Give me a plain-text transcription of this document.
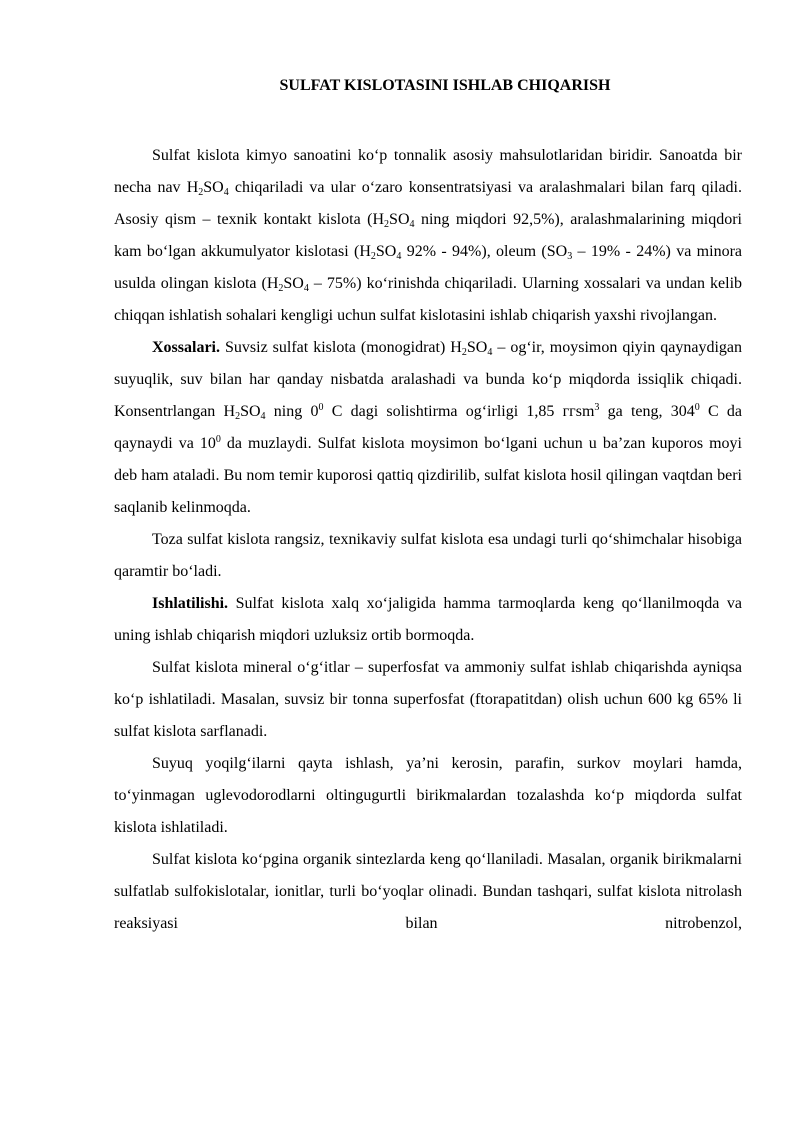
SULFAT KISLOTASINI ISHLAB CHIQARISH

Sulfat kislota kimyo sanoatini ko‘p tonnalik asosiy mahsulotlaridan biridir. Sanoatda bir necha nav $H_2SO_4$ chiqariladi va ular o‘zaro konsentratsiyasi va aralashmalari bilan farq qiladi. Asosiy qism – texnik kontakt kislota ($H_2SO_4$ ning miqdori 92,5%), aralashmalarining miqdori kam bo‘lgan akkumulyator kislotasi ($H_2SO_4$ 92% - 94%), oleum $(SO_3 - 19\% - 24\%)$ va minora usulda olingan kislota $(H_2SO_4 - 75\%)$ ko‘rinishda chiqariladi. Ularning xossalari va undan kelib chiqqan ishlatish sohalari kengligi uchun sulfat kislotasini ishlab chiqarish yaxshi rivojlangan.

Xossalari. Suvsiz sulfat kislota (monogidrat) $H_2SO_4$ – og‘ir, moysimon qiyin qaynaydigan suyuqlik, suv bilan har qanday nisbatda aralashadi va bunda ko‘p miqdorda issiqlik chiqadi. Konsentrlangan $H_2SO_4$ ning $0^0$ C dagi solishtirma og‘irligi 1,85 ггsm$^3$ ga teng, $304^0$ C da qaynaydi va $10^0$ da muzlaydi. Sulfat kislota moysimon bo‘lgani uchun u ba’zan kuporos moyi deb ham ataladi. Bu nom temir kuporosi qattiq qizdirilib, sulfat kislota hosil qilingan vaqtdan beri saqlanib kelinmoqda.

Toza sulfat kislota rangsiz, texnikaviy sulfat kislota esa undagi turli qo‘shimchalar hisobiga qaramtir bo‘ladi.

Ishlatilishi. Sulfat kislota xalq xo‘jaligida hamma tarmoqlarda keng qo‘llanilmoqda va uning ishlab chiqarish miqdori uzluksiz ortib bormoqda.

Sulfat kislota mineral o‘g‘itlar – superfosfat va ammoniy sulfat ishlab chiqarishda ayniqsa ko‘p ishlatiladi. Masalan, suvsiz bir tonna superfosfat (ftorapatitdan) olish uchun 600 kg 65% li sulfat kislota sarflanadi.

Suyuq yoqilg‘ilarni qayta ishlash, ya’ni kerosin, parafin, surkov moylari hamda, to‘yinmagan uglevodorodlarni oltingugurtli birikmalardan tozalashda ko‘p miqdorda sulfat kislota ishlatiladi.

Sulfat kislota ko‘pgina organik sintezlarda keng qo‘llaniladi. Masalan, organik birikmalarni sulfatlab sulfokislotalar, ionitlar, turli bo‘yoqlar olinadi. Bundan tashqari, sulfat kislota nitrolash reaksiyasi bilan nitrobenzol,
